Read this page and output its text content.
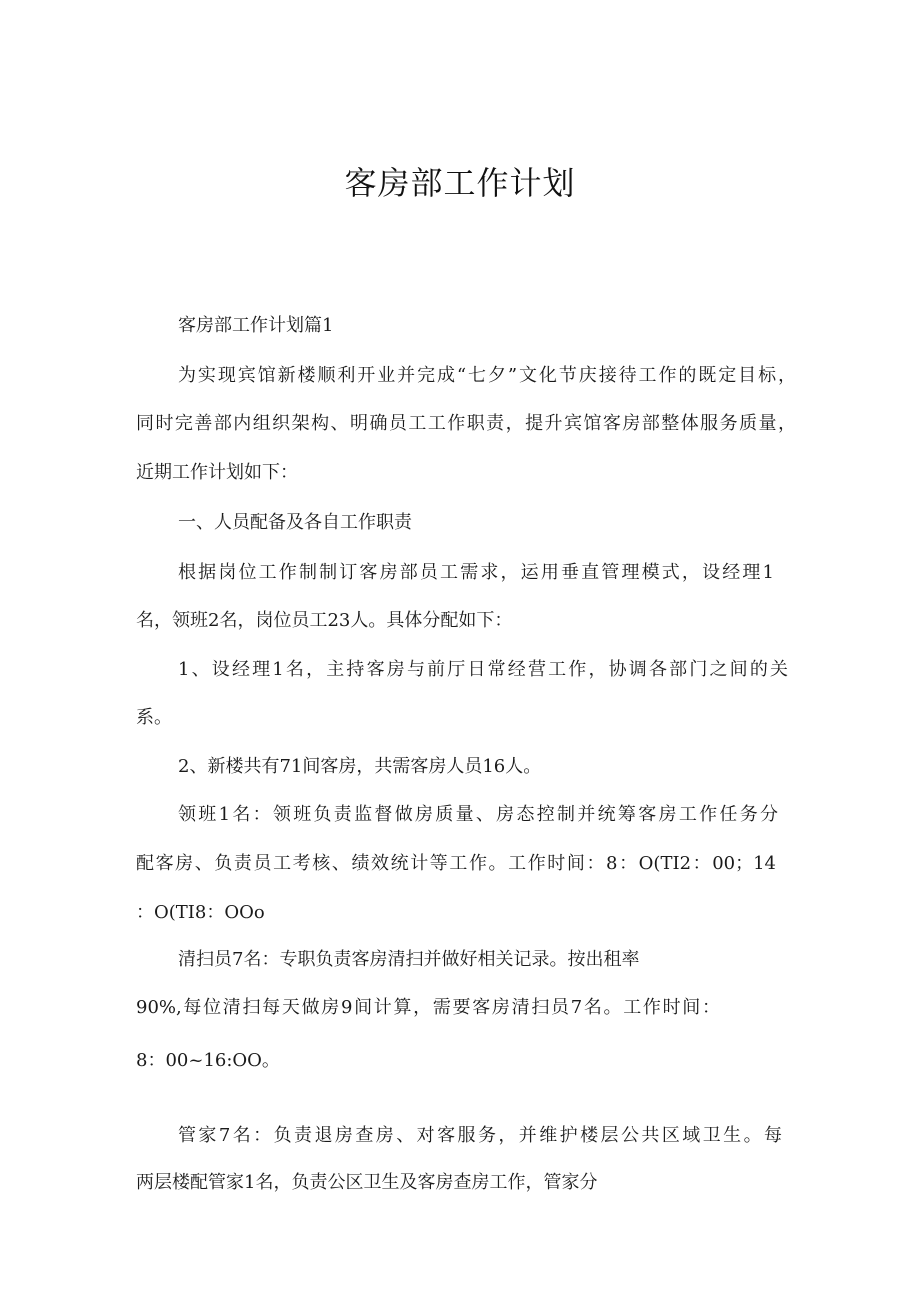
客房部工作计划
客房部工作计划篇1
为实现宾馆新楼顺利开业并完成“七夕”文化节庆接待工作的既定目标，
同时完善部内组织架构、明确员工工作职责，提升宾馆客房部整体服务质量，
近期工作计划如下：
一、人员配备及各自工作职责
根据岗位工作制制订客房部员工需求，运用垂直管理模式，设经理1
名，领班2名，岗位员工23人。具体分配如下：
1、设经理1名，主持客房与前厅日常经营工作，协调各部门之间的关
系。
2、新楼共有71间客房，共需客房人员16人。
领班1名：领班负责监督做房质量、房态控制并统筹客房工作任务分
配客房、负责员工考核、绩效统计等工作。工作时间：8：O(TI2：00；14
：O(TI8：OOo
清扫员7名：专职负责客房清扫并做好相关记录。按出租率
90%,每位清扫每天做房9间计算，需要客房清扫员7名。工作时间：
8：00~16:OO。
管家7名：负责退房查房、对客服务，并维护楼层公共区域卫生。每
两层楼配管家1名，负责公区卫生及客房查房工作，管家分
